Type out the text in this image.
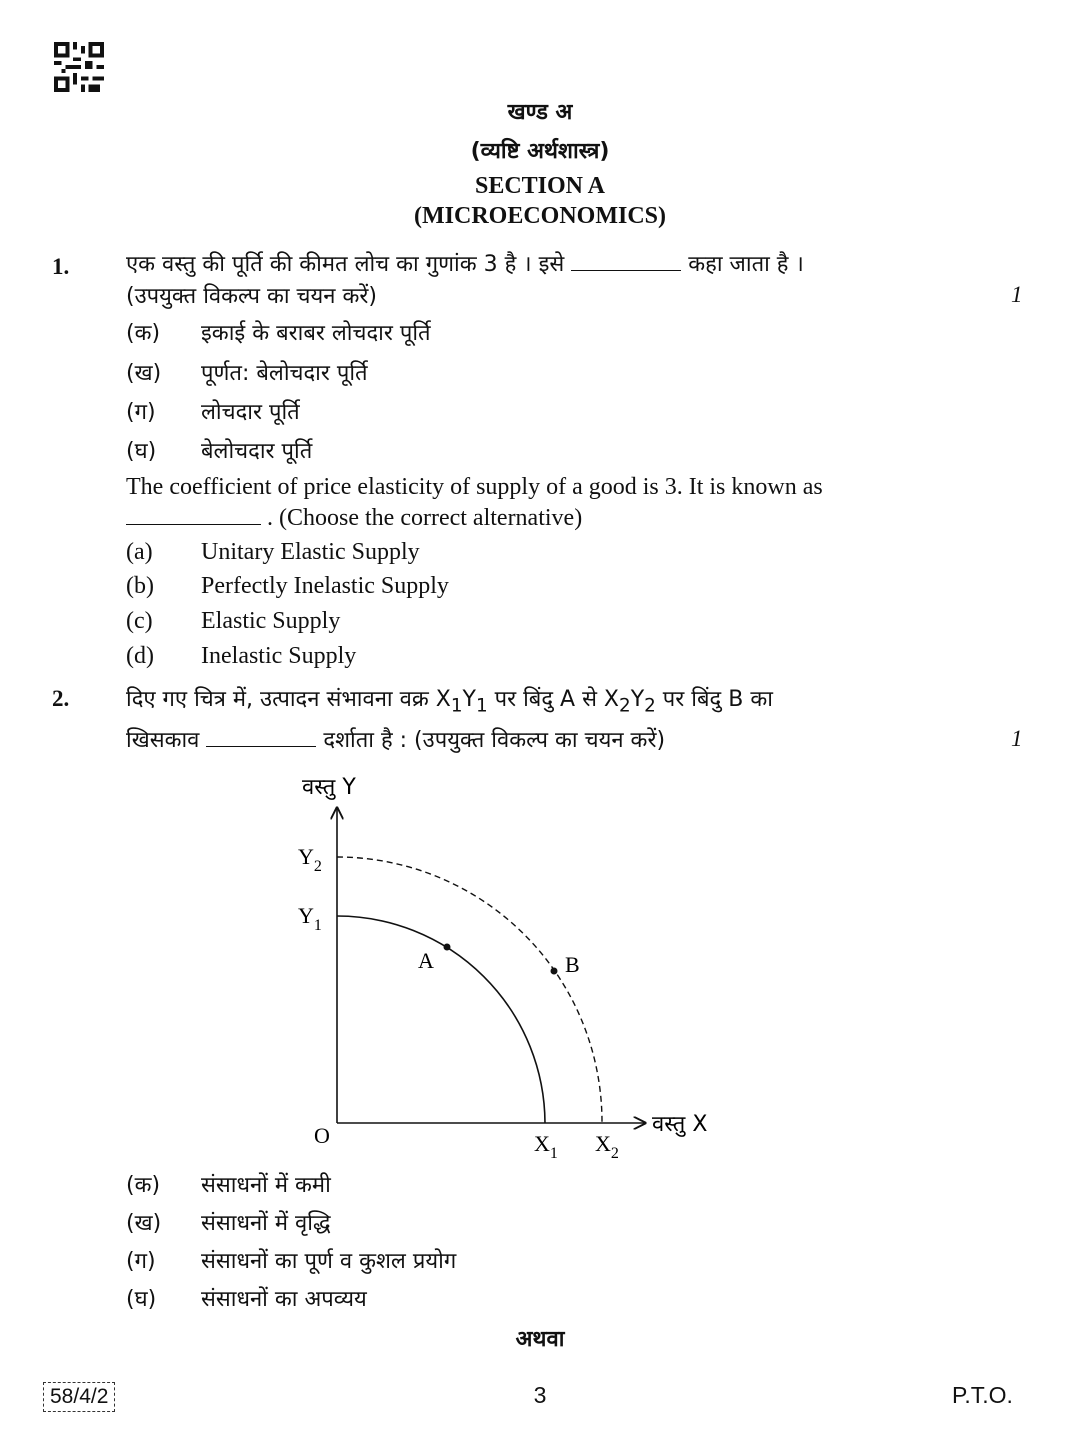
खण्ड अ
(व्यष्टि अर्थशास्त्र)
SECTION A
(MICROECONOMICS)
1.	एक वस्तु की पूर्ति की कीमत लोच का गुणांक 3 है । इसे	कहा जाता है ।
(उपयुक्त विकल्प का चयन करें)	1
(क) इकाई के बराबर लोचदार पूर्ति
(ख) पूर्णत: बेलोचदार पूर्ति
(ग) लोचदार पूर्ति
(घ) बेलोचदार पूर्ति
The coefficient of price elasticity of supply of a good is 3. It is known as
. (Choose the correct alternative)
(a) Unitary Elastic Supply
(b) Perfectly Inelastic Supply
(c) Elastic Supply
(d) Inelastic Supply
2.	दिए गए चित्र में, उत्पादन संभावना वक्र $X_1Y_1$ पर बिंदु A से $X_2Y_2$ पर बिंदु B का
खिसकाव	दर्शाता है : (उपयुक्त विकल्प का चयन करें)	1
वस्तु Y
वस्तु X
O
$Y_2$
$Y_1$
$X_1$ $X_2$
A	B
(क) संसाधनों में कमी
(ख) संसाधनों में वृद्धि
(ग) संसाधनों का पूर्ण व कुशल प्रयोग
(घ) संसाधनों का अपव्यय
अथवा
58/4/2	3	P.T.O.
